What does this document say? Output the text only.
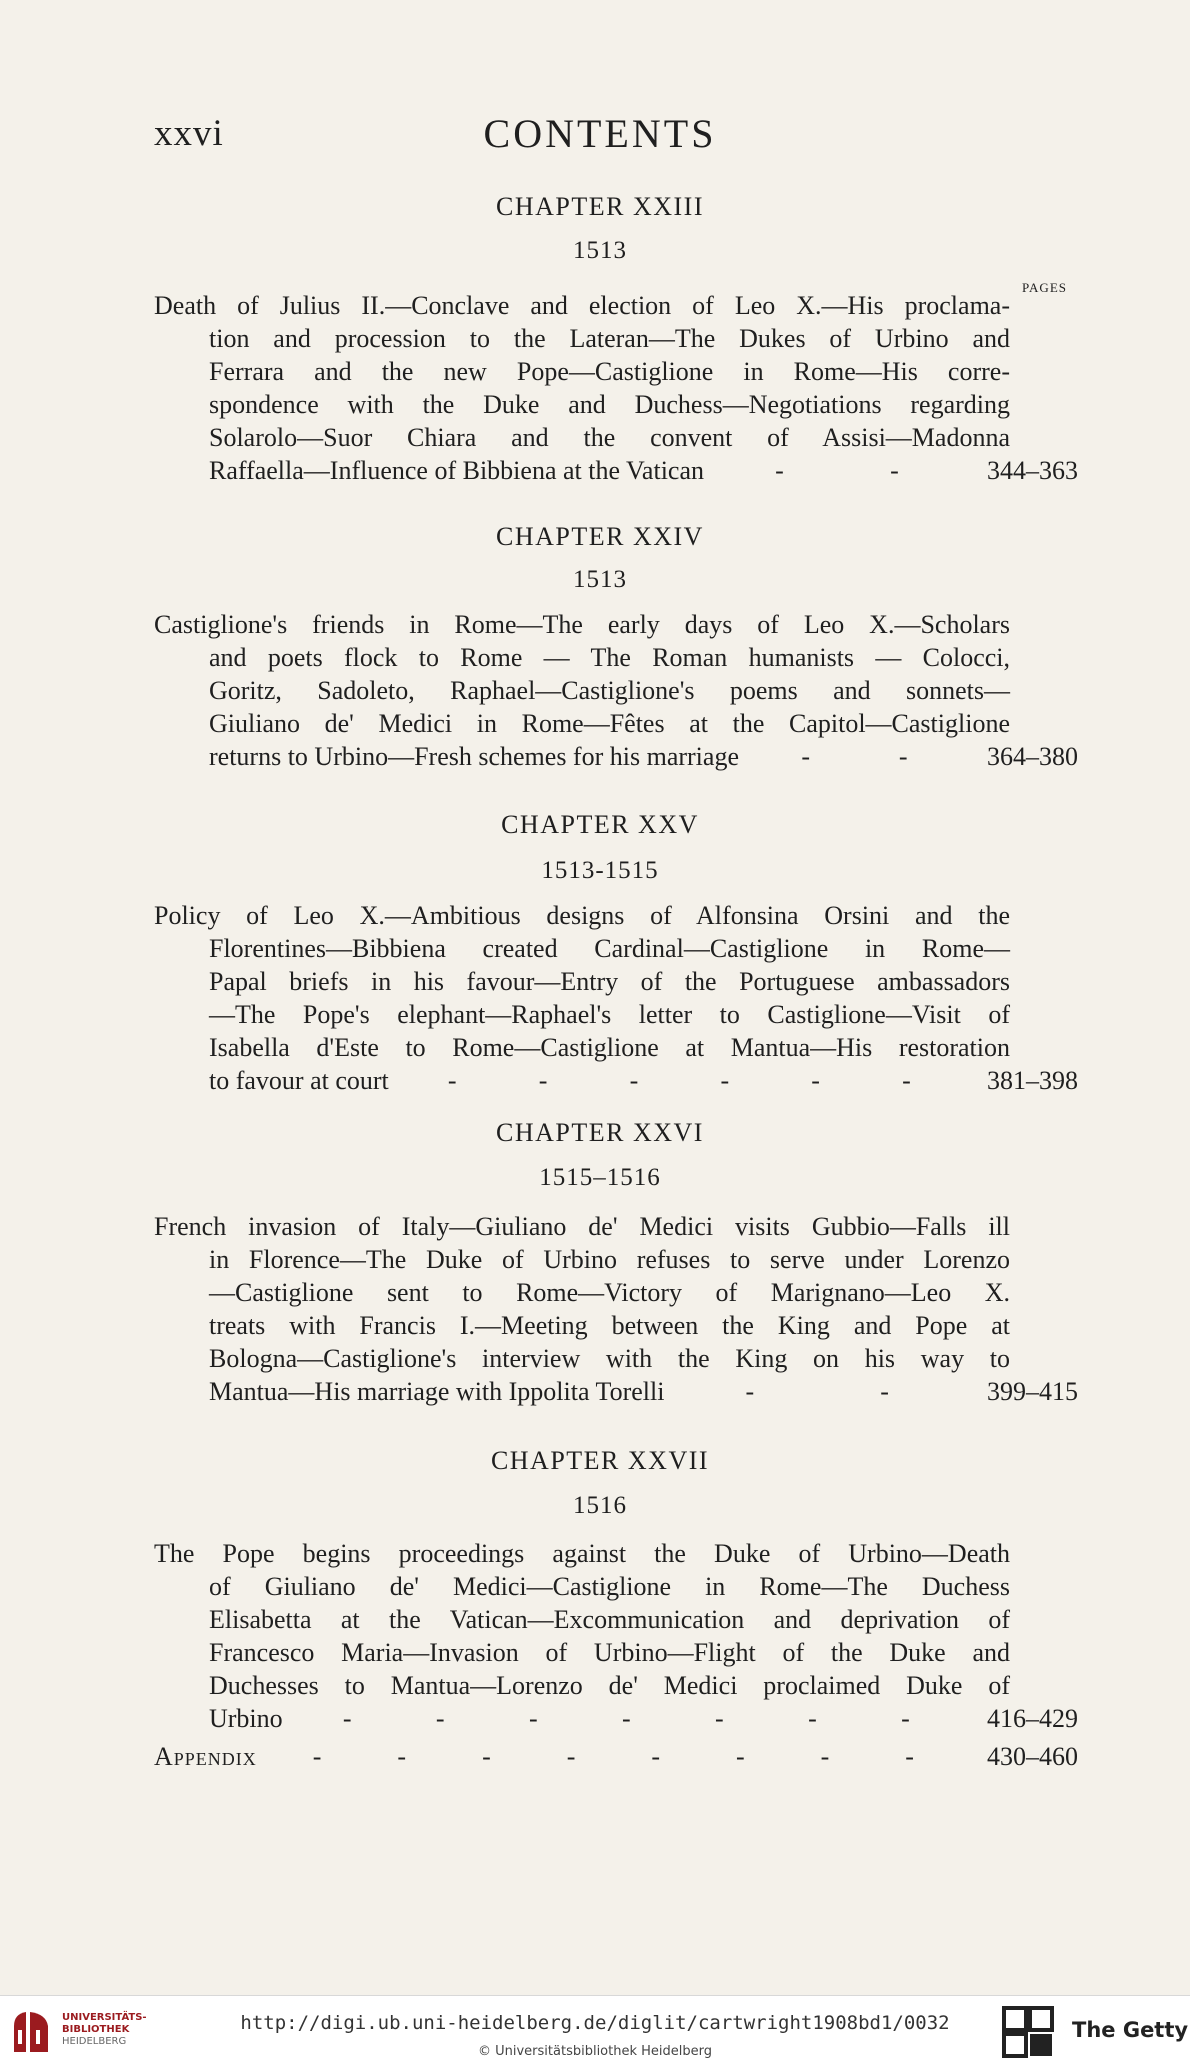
xxvi	CONTENTS
CHAPTER XXIII
1513
PAGES
Death of Julius II.—Conclave and election of Leo X.—His proclama-
tion and procession to the Lateran—The Dukes of Urbino and
Ferrara and the new Pope—Castiglione in Rome—His corre-
spondence with the Duke and Duchess—Negotiations regarding
Solarolo—Suor Chiara and the convent of Assisi—Madonna
Raffaella—Influence of Bibbiena at the Vatican	-	-	344–363
CHAPTER XXIV
1513
Castiglione's friends in Rome—The early days of Leo X.—Scholars
and poets flock to Rome — The Roman humanists — Colocci,
Goritz, Sadoleto, Raphael—Castiglione's poems and sonnets—
Giuliano de' Medici in Rome—Fêtes at the Capitol—Castiglione
returns to Urbino—Fresh schemes for his marriage -	-	364–380
CHAPTER XXV
1513-1515
Policy of Leo X.—Ambitious designs of Alfonsina Orsini and the
Florentines—Bibbiena created Cardinal—Castiglione in Rome—
Papal briefs in his favour—Entry of the Portuguese ambassadors
—The Pope's elephant—Raphael's letter to Castiglione—Visit of
Isabella d'Este to Rome—Castiglione at Mantua—His restoration
to favour at court -	-	-	-	-	-	381–398
CHAPTER XXVI
1515–1516
French invasion of Italy—Giuliano de' Medici visits Gubbio—Falls ill
in Florence—The Duke of Urbino refuses to serve under Lorenzo
—Castiglione sent to Rome—Victory of Marignano—Leo X.
treats with Francis I.—Meeting between the King and Pope at
Bologna—Castiglione's interview with the King on his way to
Mantua—His marriage with Ippolita Torelli	-	-	399–415
CHAPTER XXVII
1516
The Pope begins proceedings against the Duke of Urbino—Death
of Giuliano de' Medici—Castiglione in Rome—The Duchess
Elisabetta at the Vatican—Excommunication and deprivation of
Francesco Maria—Invasion of Urbino—Flight of the Duke and
Duchesses to Mantua—Lorenzo de' Medici proclaimed Duke of
Urbino -	-	-	-	-	-	-	416–429
Appendix -	-	-	-	-	-	-	-	430–460
UNIVERSITÄTS-
BIBLIOTHEK
HEIDELBERG
http://digi.ub.uni-heidelberg.de/diglit/cartwright1908bd1/0032
© Universitätsbibliothek Heidelberg
The Getty
